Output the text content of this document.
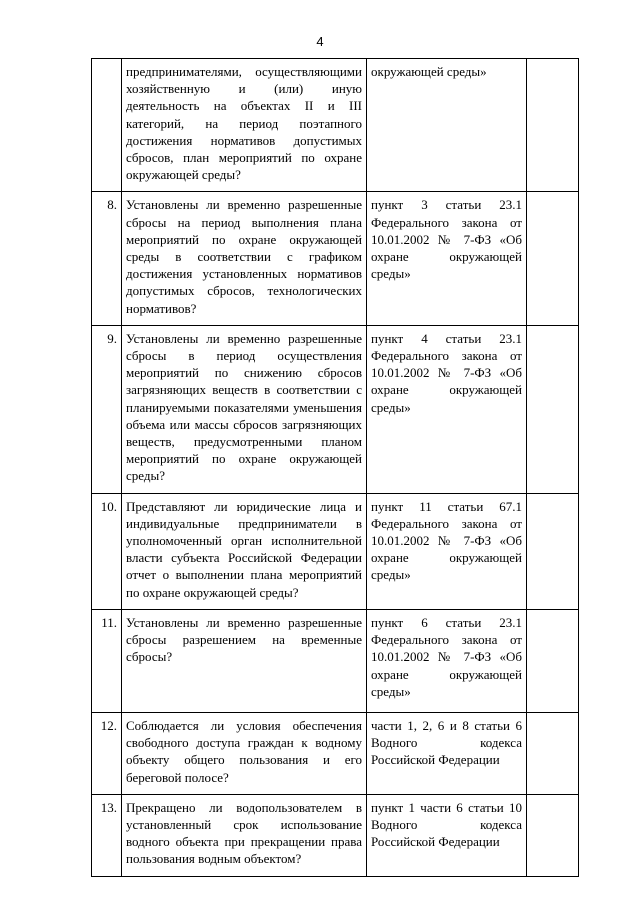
4
	предпринимателями, осуществляющими хозяйственную и (или) иную деятельность на объектах II и III категорий, на период поэтапного достижения нормативов допустимых сбросов, план мероприятий по охране окружающей среды?	окружающей среды»	
8.	Установлены ли временно разрешенные сбросы на период выполнения плана мероприятий по охране окружающей среды в соответствии с графиком достижения установленных нормативов допустимых сбросов, технологических нормативов?	пункт 3 статьи 23.1 Федерального закона от 10.01.2002 № 7-ФЗ «Об охране окружающей среды»	
9.	Установлены ли временно разрешенные сбросы в период осуществления мероприятий по снижению сбросов загрязняющих веществ в соответствии с планируемыми показателями уменьшения объема или массы сбросов загрязняющих веществ, предусмотренными планом мероприятий по охране окружающей среды?	пункт 4 статьи 23.1 Федерального закона от 10.01.2002 № 7-ФЗ «Об охране окружающей среды»	
10.	Представляют ли юридические лица и индивидуальные предприниматели в уполномоченный орган исполнительной власти субъекта Российской Федерации отчет о выполнении плана мероприятий по охране окружающей среды?	пункт 11 статьи 67.1 Федерального закона от 10.01.2002 № 7-ФЗ «Об охране окружающей среды»	
11.	Установлены ли временно разрешенные сбросы разрешением на временные сбросы?	пункт 6 статьи 23.1 Федерального закона от 10.01.2002 № 7-ФЗ «Об охране окружающей среды»	
12.	Соблюдается ли условия обеспечения свободного доступа граждан к водному объекту общего пользования и его береговой полосе?	части 1, 2, 6 и 8 статьи 6 Водного кодекса Российской Федерации	
13.	Прекращено ли водопользователем в установленный срок использование водного объекта при прекращении права пользования водным объектом?	пункт 1 части 6 статьи 10 Водного кодекса Российской Федерации	
